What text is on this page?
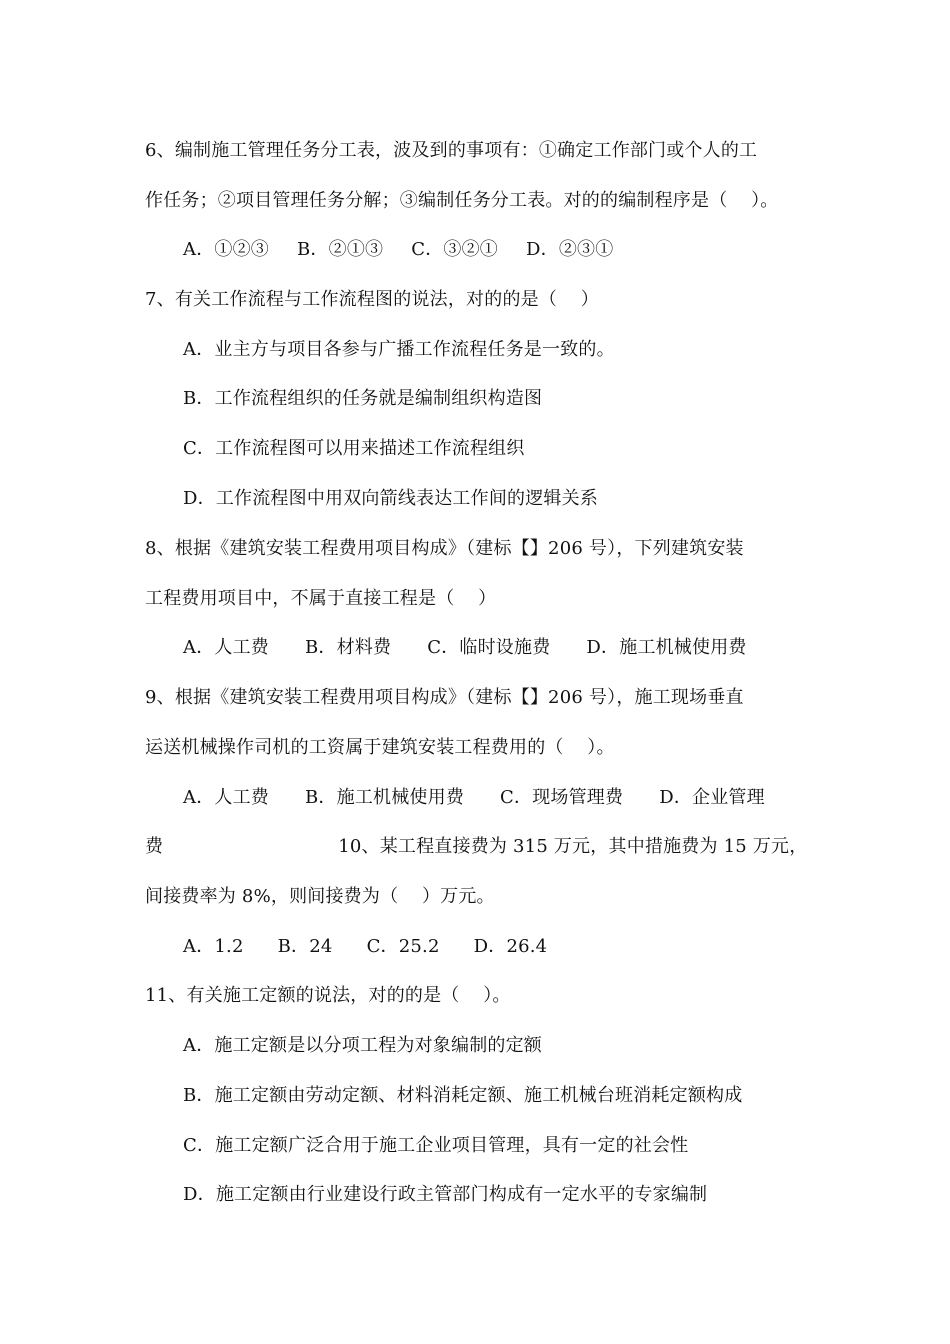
6、编制施工管理任务分工表，波及到的事项有：①确定工作部门或个人的工
作任务；②项目管理任务分解；③编制任务分工表。对的的编制程序是（    ）。
A．①②③ B．②①③ C．③②① D．②③①
7、有关工作流程与工作流程图的说法，对的的是（    ）
A．业主方与项目各参与广播工作流程任务是一致的。
B．工作流程组织的任务就是编制组织构造图
C．工作流程图可以用来描述工作流程组织
D．工作流程图中用双向箭线表达工作间的逻辑关系
8、根据《建筑安装工程费用项目构成》（建标【】206 号），下列建筑安装
工程费用项目中，不属于直接工程是（    ）
A．人工费 B．材料费 C．临时设施费 D．施工机械使用费
9、根据《建筑安装工程费用项目构成》（建标【】206 号），施工现场垂直
运送机械操作司机的工资属于建筑安装工程费用的（    ）。
A．人工费 B．施工机械使用费 C．现场管理费 D．企业管理
费	10、某工程直接费为 315 万元，其中措施费为 15 万元，
间接费率为 8%，则间接费为（    ）万元。
A．1.2 B．24 C．25.2 D．26.4
11、有关施工定额的说法，对的的是（    ）。
A．施工定额是以分项工程为对象编制的定额
B．施工定额由劳动定额、材料消耗定额、施工机械台班消耗定额构成
C．施工定额广泛合用于施工企业项目管理，具有一定的社会性
D．施工定额由行业建设行政主管部门构成有一定水平的专家编制
